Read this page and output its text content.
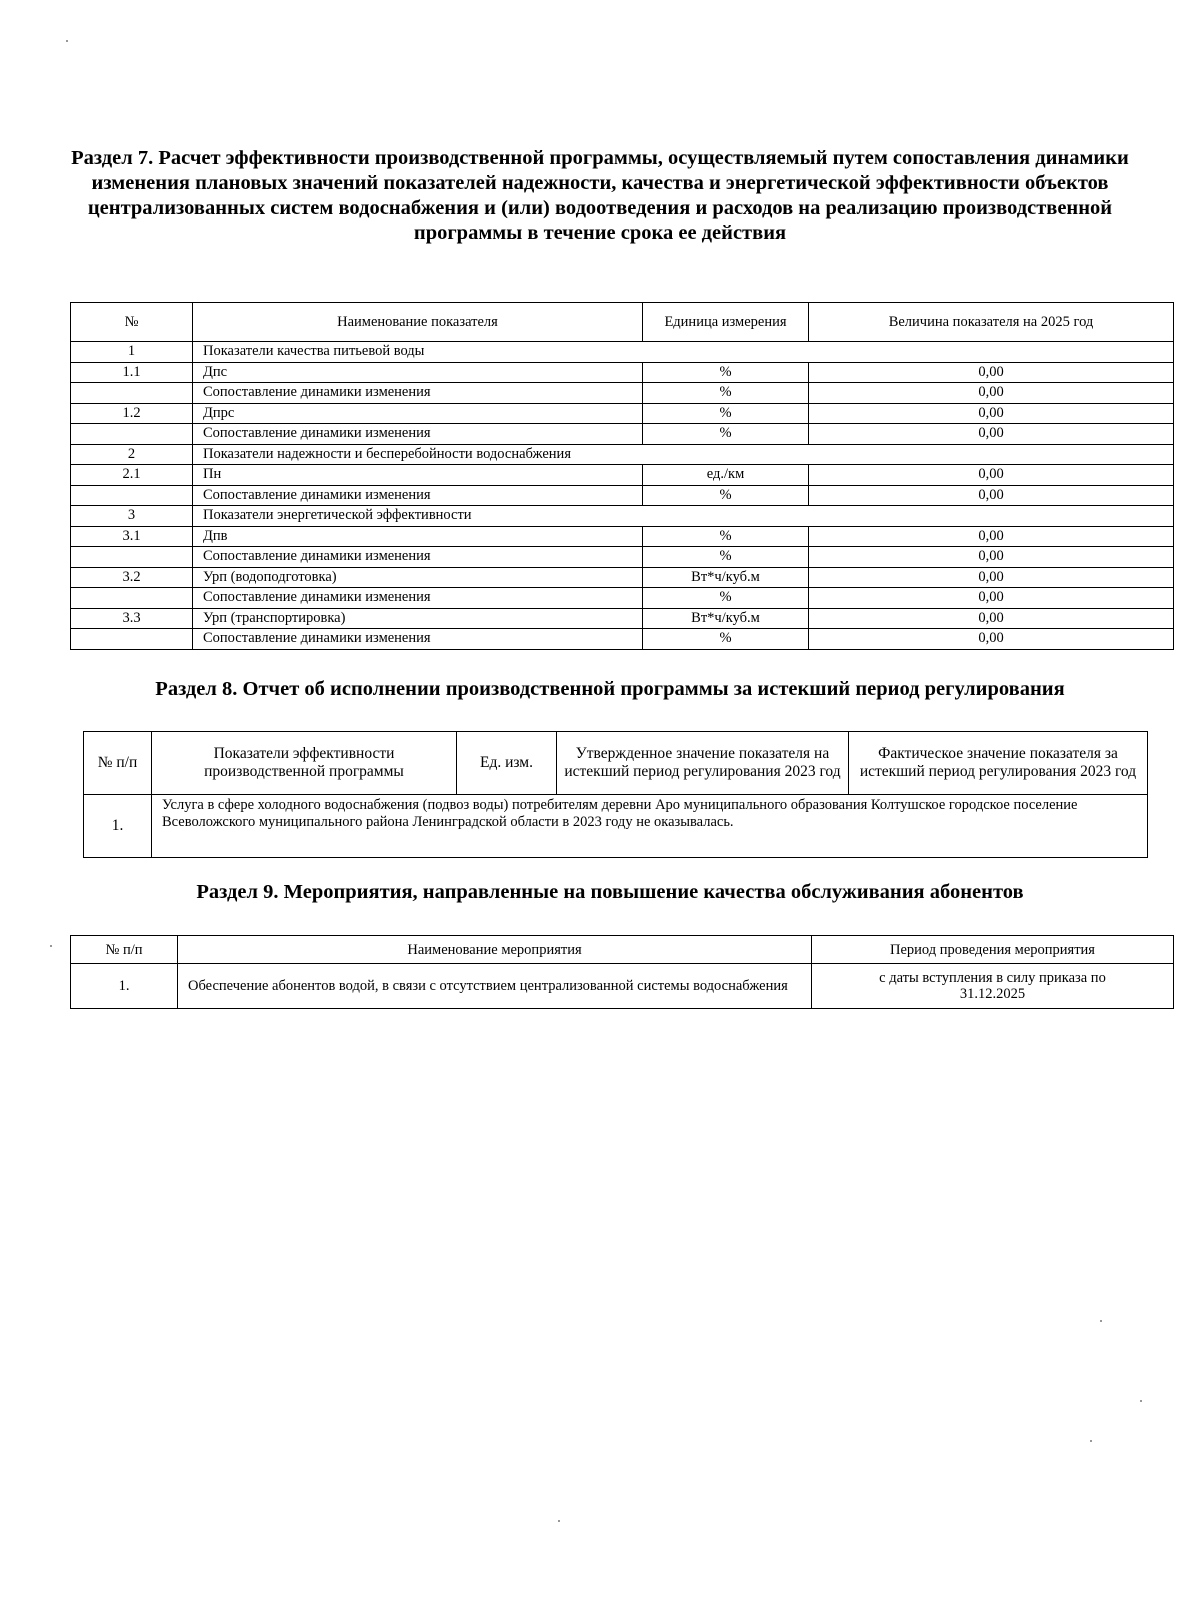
Раздел 7. Расчет эффективности производственной программы, осуществляемый путем сопоставления динамики изменения плановых значений показателей надежности, качества и энергетической эффективности объектов централизованных систем водоснабжения и (или) водоотведения и расходов на реализацию производственной программы в течение срока ее действия
№	Наименование показателя	Единица измерения	Величина показателя на 2025 год
1	Показатели качества питьевой воды		
1.1	Дпс	%	0,00
	Сопоставление динамики изменения	%	0,00
1.2	Дпрс	%	0,00
	Сопоставление динамики изменения	%	0,00
2	Показатели надежности и бесперебойности водоснабжения		
2.1	Пн	ед./км	0,00
	Сопоставление динамики изменения	%	0,00
3	Показатели энергетической эффективности		
3.1	Дпв	%	0,00
	Сопоставление динамики изменения	%	0,00
3.2	Урп (водоподготовка)	Вт*ч/куб.м	0,00
	Сопоставление динамики изменения	%	0,00
3.3	Урп (транспортировка)	Вт*ч/куб.м	0,00
	Сопоставление динамики изменения	%	0,00
Раздел 8. Отчет об исполнении производственной программы за истекший период регулирования
№ п/п	Показатели эффективности производственной программы	Ед. изм.	Утвержденное значение показателя на истекший период регулирования 2023 год	Фактическое значение показателя за истекший период регулирования 2023 год
1.	Услуга в сфере холодного водоснабжения (подвоз воды) потребителям деревни Аро муниципального образования Колтушское городское поселение Всеволожского муниципального района Ленинградской области в 2023 году не оказывалась.			
Раздел 9. Мероприятия, направленные на повышение качества обслуживания абонентов
№ п/п	Наименование мероприятия	Период проведения мероприятия
1.	Обеспечение абонентов водой, в связи с отсутствием централизованной системы водоснабжения	с даты вступления в силу приказа по 31.12.2025
